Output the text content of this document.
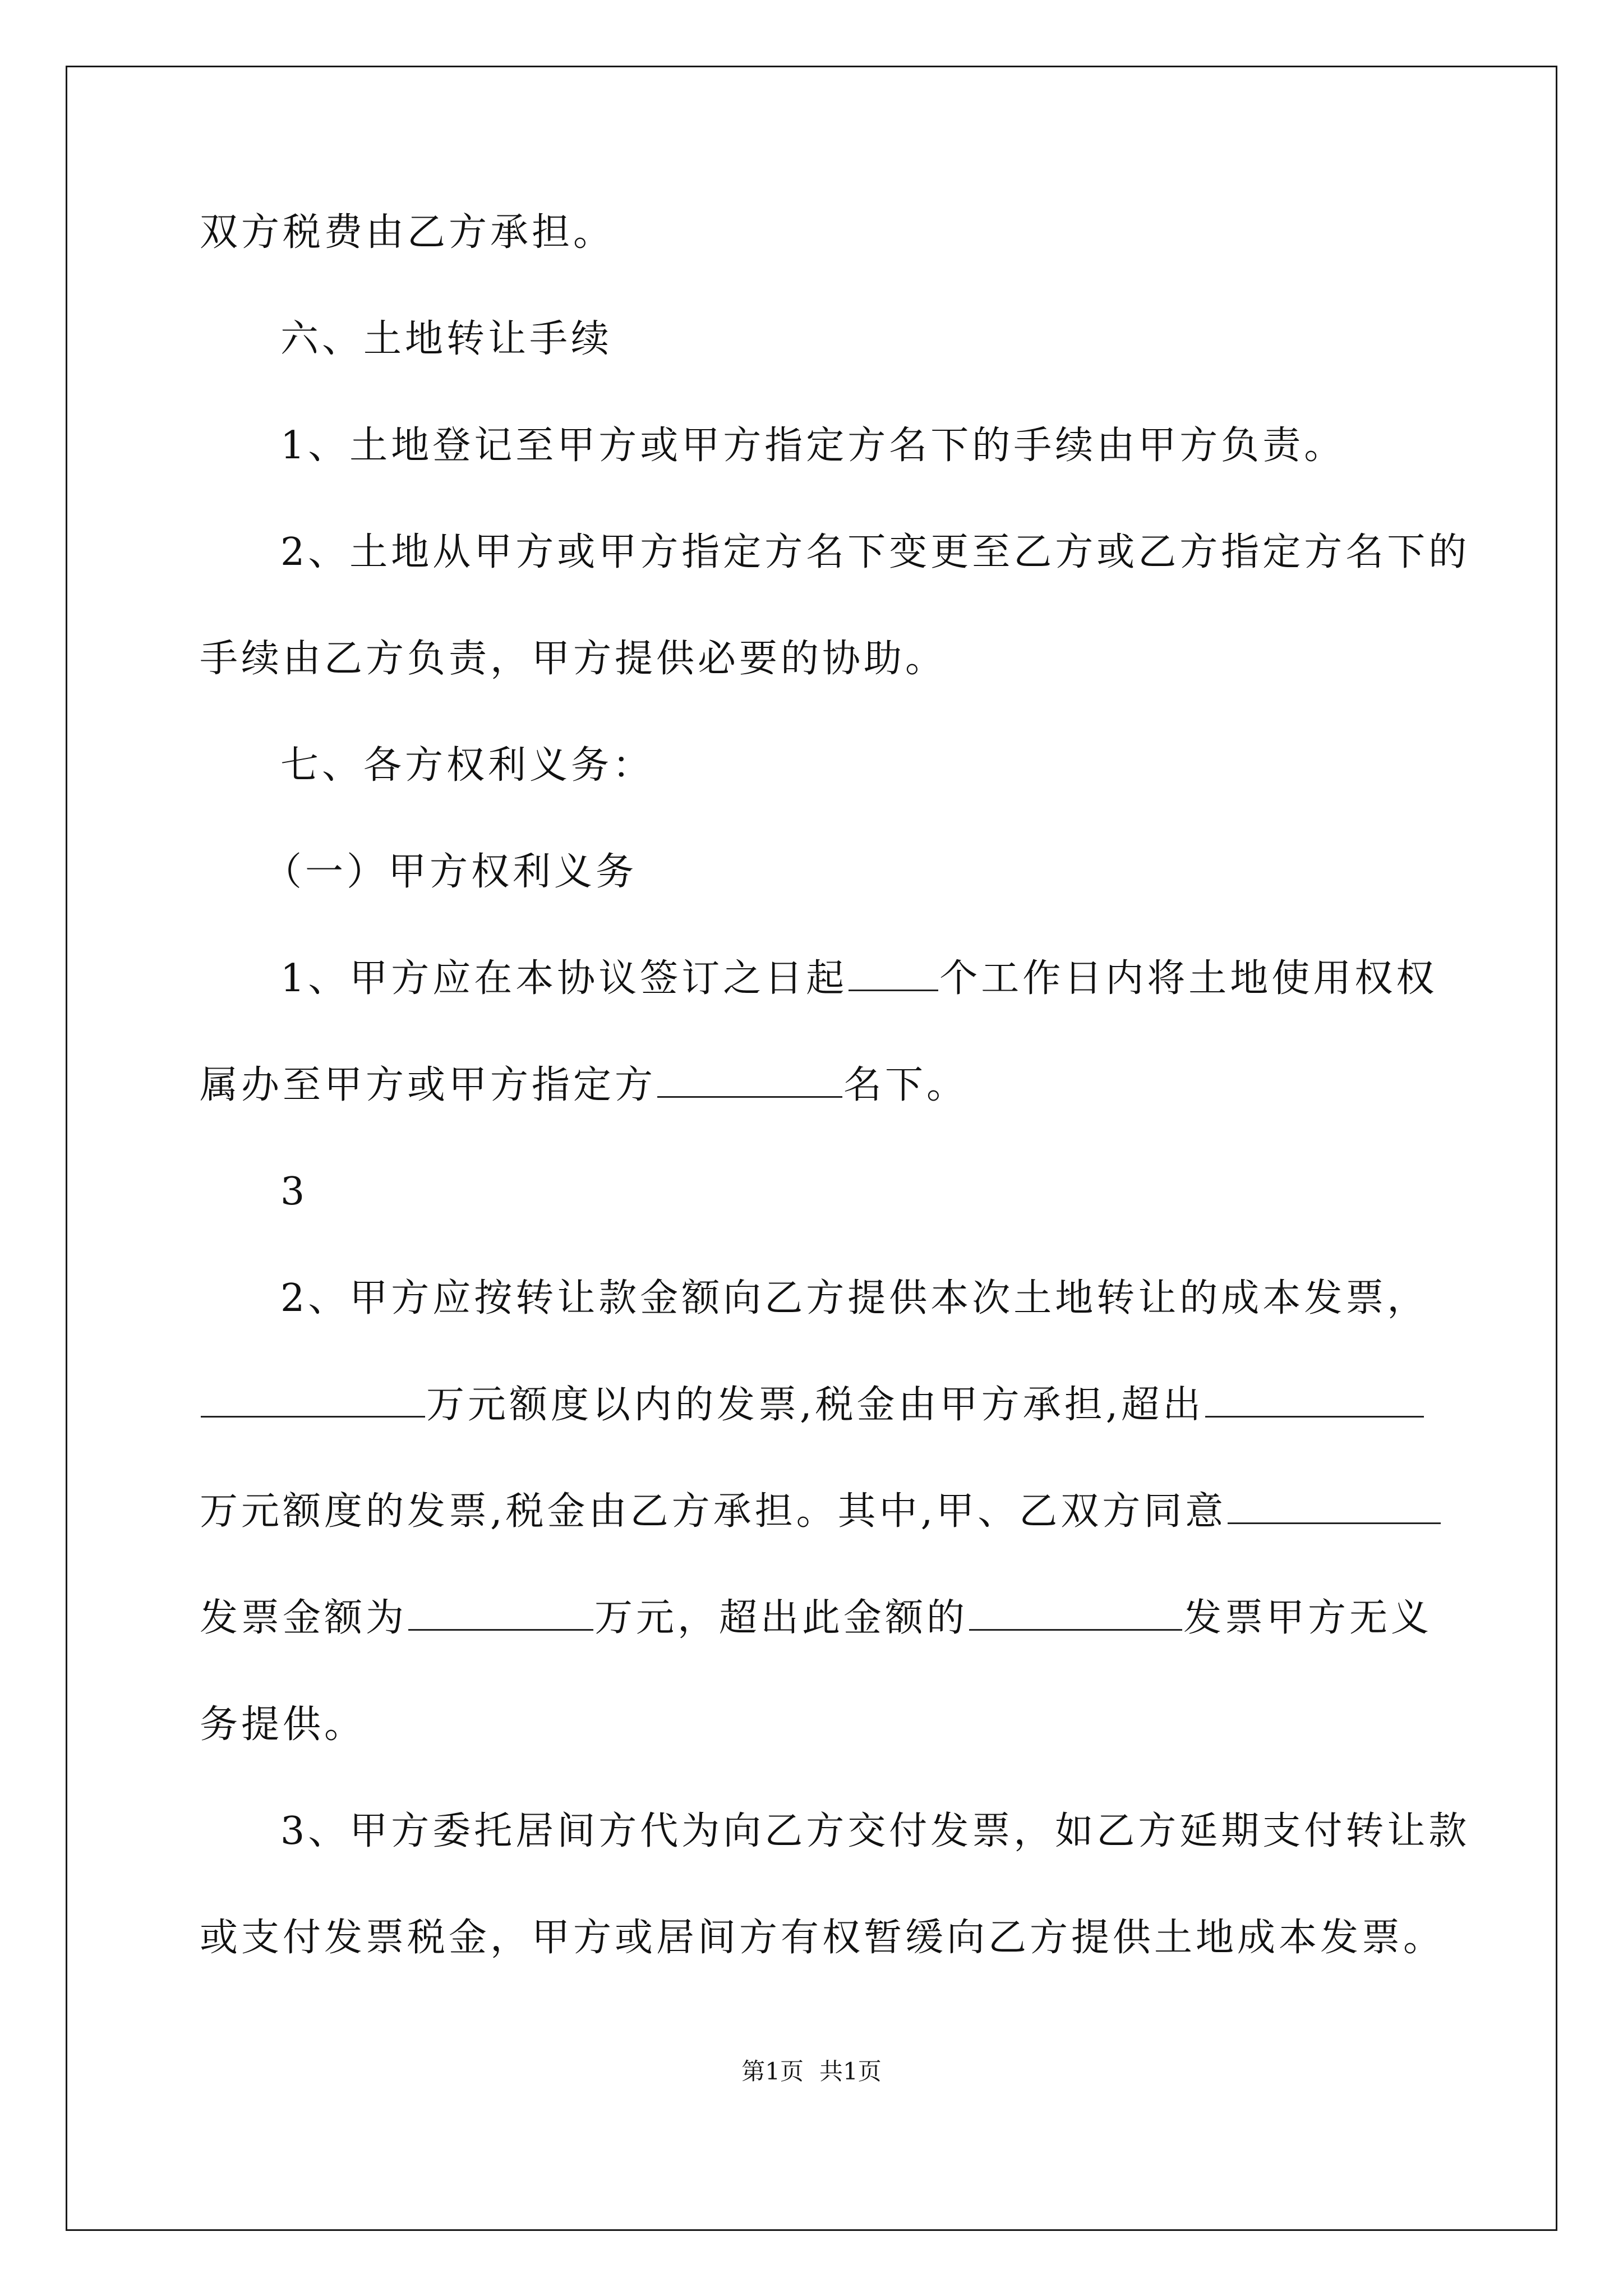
双方税费由乙方承担。
六、土地转让手续
1、土地登记至甲方或甲方指定方名下的手续由甲方负责。
2、土地从甲方或甲方指定方名下变更至乙方或乙方指定方名下的
手续由乙方负责，甲方提供必要的协助。
七、各方权利义务：
（一）甲方权利义务
1、甲方应在本协议签订之日起 个工作日内将土地使用权权
属办至甲方或甲方指定方	名下。
3
2、甲方应按转让款金额向乙方提供本次土地转让的成本发票，
万元额度以内的发票,税金由甲方承担,超出
万元额度的发票,税金由乙方承担。其中,甲、乙双方同意
发票金额为	万元，超出此金额的	发票甲方无义
务提供。
3、甲方委托居间方代为向乙方交付发票，如乙方延期支付转让款
或支付发票税金，甲方或居间方有权暂缓向乙方提供土地成本发票。
第1页 共1页
